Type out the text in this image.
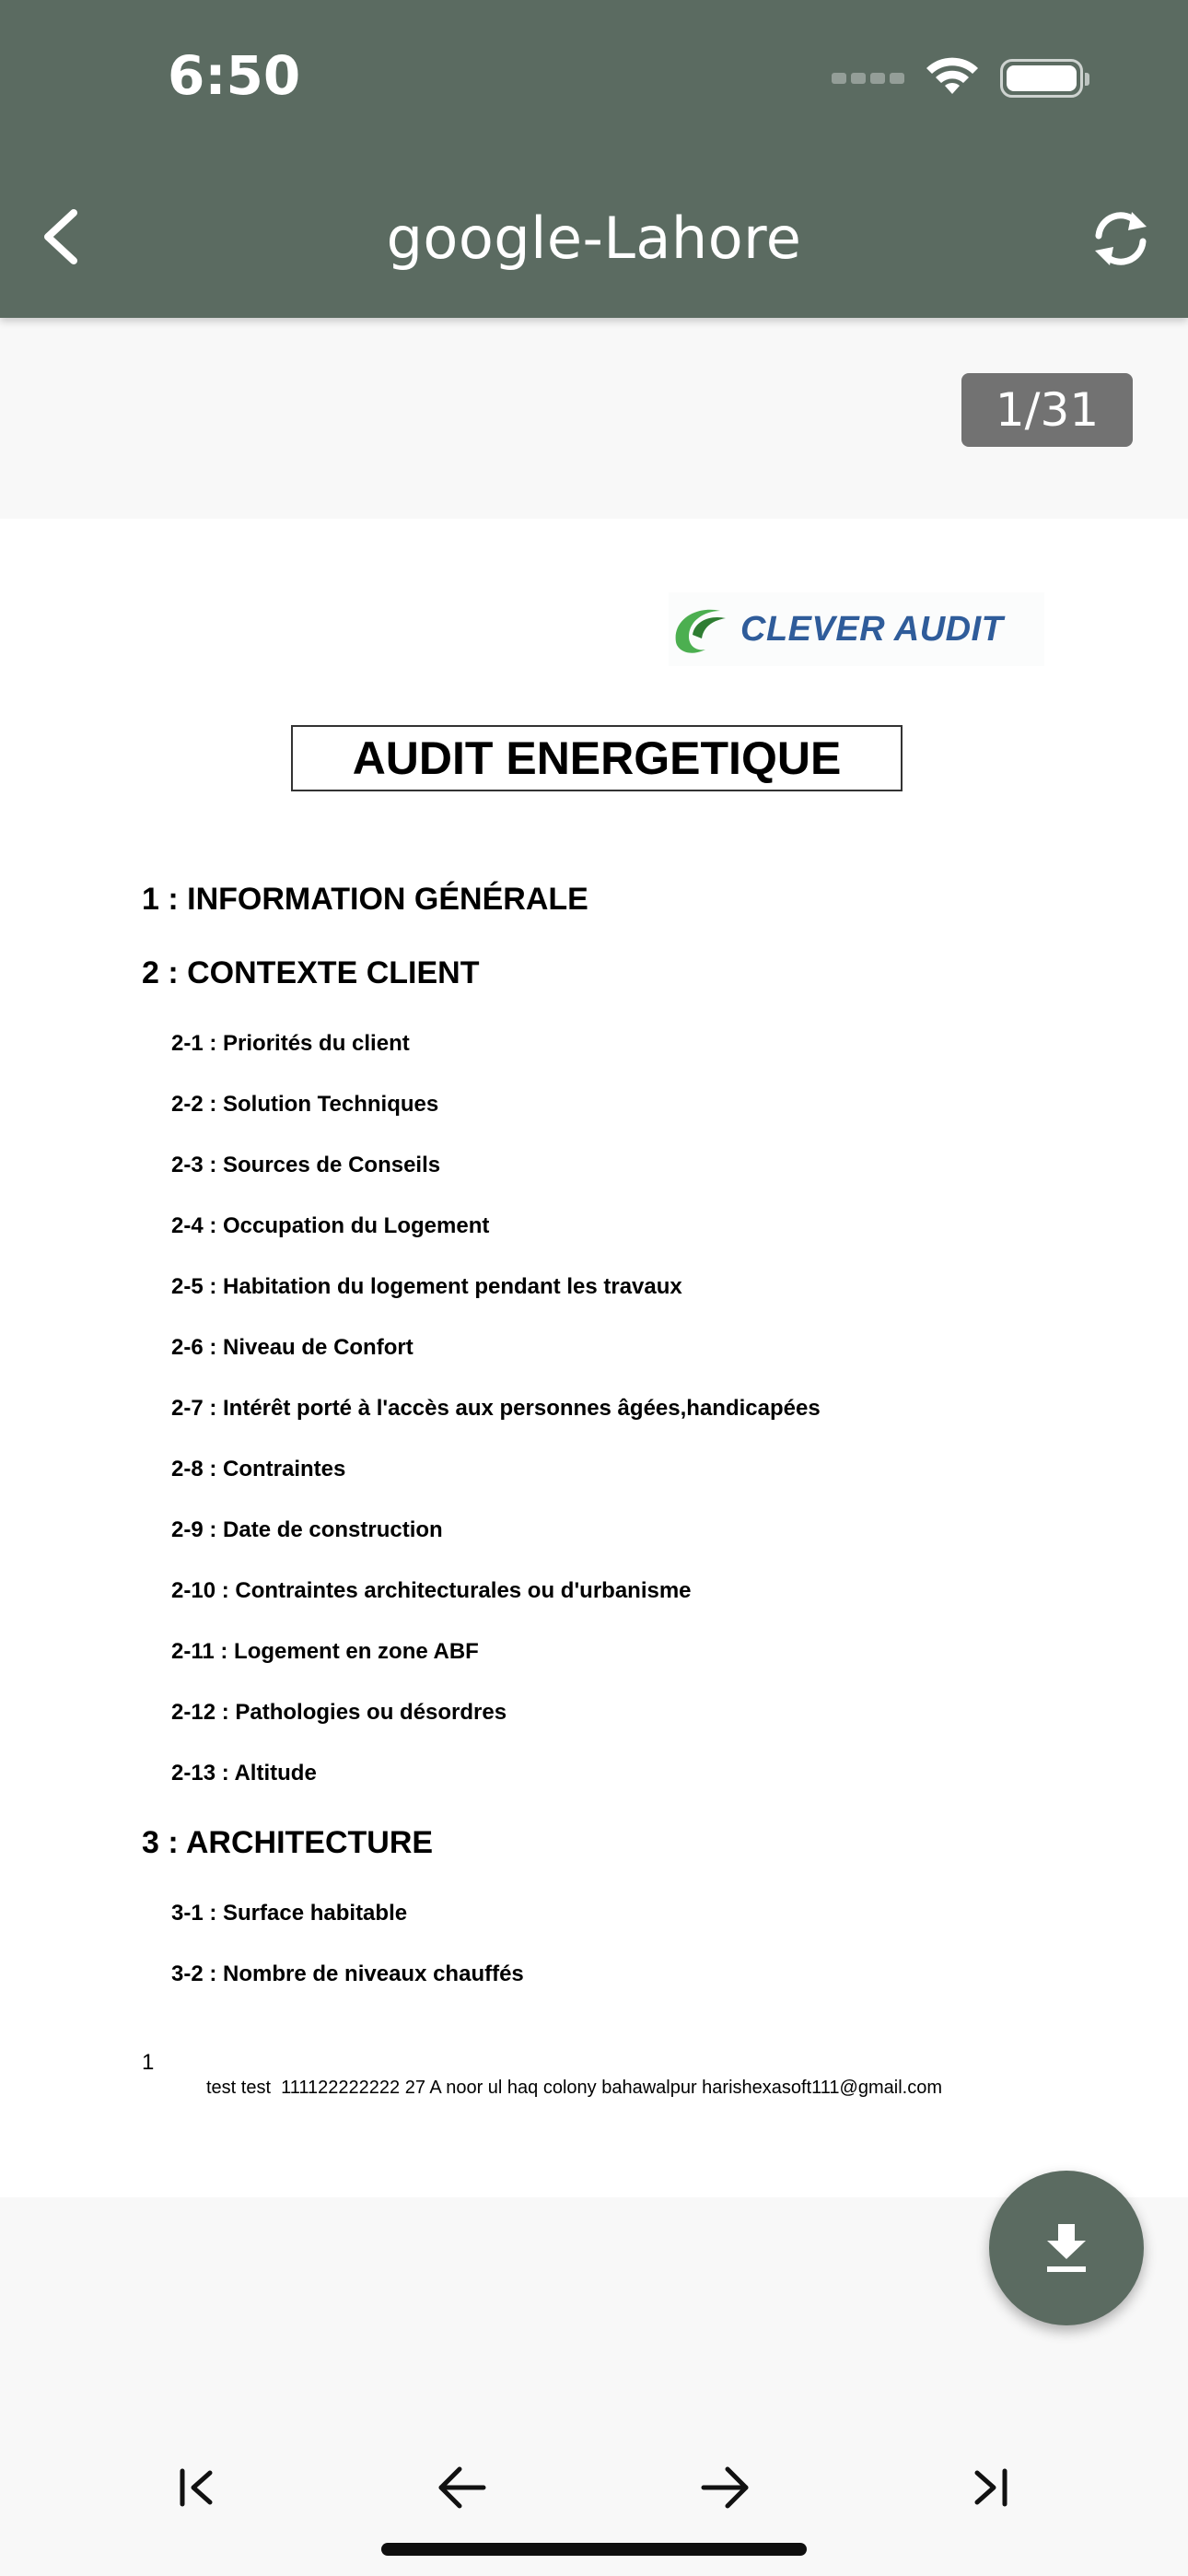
6:50
google-Lahore
1/31
CLEVER AUDIT
AUDIT ENERGETIQUE
1 : INFORMATION GÉNÉRALE
2 : CONTEXTE CLIENT
2-1 : Priorités du client
2-2 : Solution Techniques
2-3 : Sources de Conseils
2-4 : Occupation du Logement
2-5 : Habitation du logement pendant les travaux
2-6 : Niveau de Confort
2-7 : Intérêt porté à l'accès aux personnes âgées,handicapées
2-8 : Contraintes
2-9 : Date de construction
2-10 : Contraintes architecturales ou d'urbanisme
2-11 : Logement en zone ABF
2-12 : Pathologies ou désordres
2-13 : Altitude
3 : ARCHITECTURE
3-1 : Surface habitable
3-2 : Nombre de niveaux chauffés
1
test test  111122222222 27 A noor ul haq colony bahawalpur harishexasoft111@gmail.com
